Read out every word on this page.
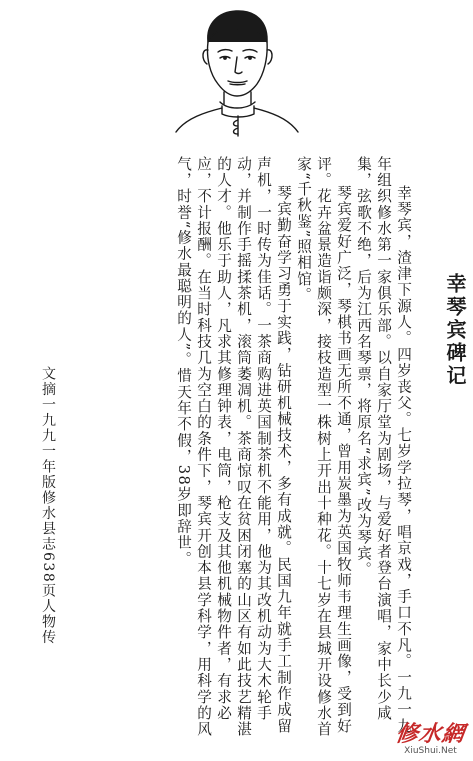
幸琴宾碑记

幸琴宾，渣津下源人。四岁丧父。七岁学拉琴，唱京戏，手口不凡。一九一九年组织修水第一家俱乐部。以自家厅堂为剧场，与爱好者登台演唱，家中长少咸集，弦歌不绝，后为江西名琴票，将原名“求宾”改为琴宾。

琴宾爱好广泛，琴棋书画无所不通，曾用炭墨为英国牧师韦理生画像，受到好评。花卉盆景造诣颇深，接枝造型一株树上开出十种花。十七岁在县城开设修水首家“千秋鉴”照相馆。

琴宾勤奋学习勇于实践，钻研机械技术，多有成就。民国九年就手工制作成留声机，一时传为佳话。一茶商购进英国制茶机不能用，他为其改机动为大木轮手动，并制作手摇揉茶机，滚筒萎凋机。茶商惊叹在贫困闭塞的山区有如此技艺精湛的人才。他乐于助人，凡求其修理钟表，电筒，枪支及其他机械物件者，有求必应，不计报酬。在当时科技几为空白的条件下，琴宾开创本县学科学，用科学的风气，时誉“修水最聪明的人”。惜天年不假，38岁即辞世。

文摘一九九一年版修水县志638页人物传
修水網
XiuShui.Net
